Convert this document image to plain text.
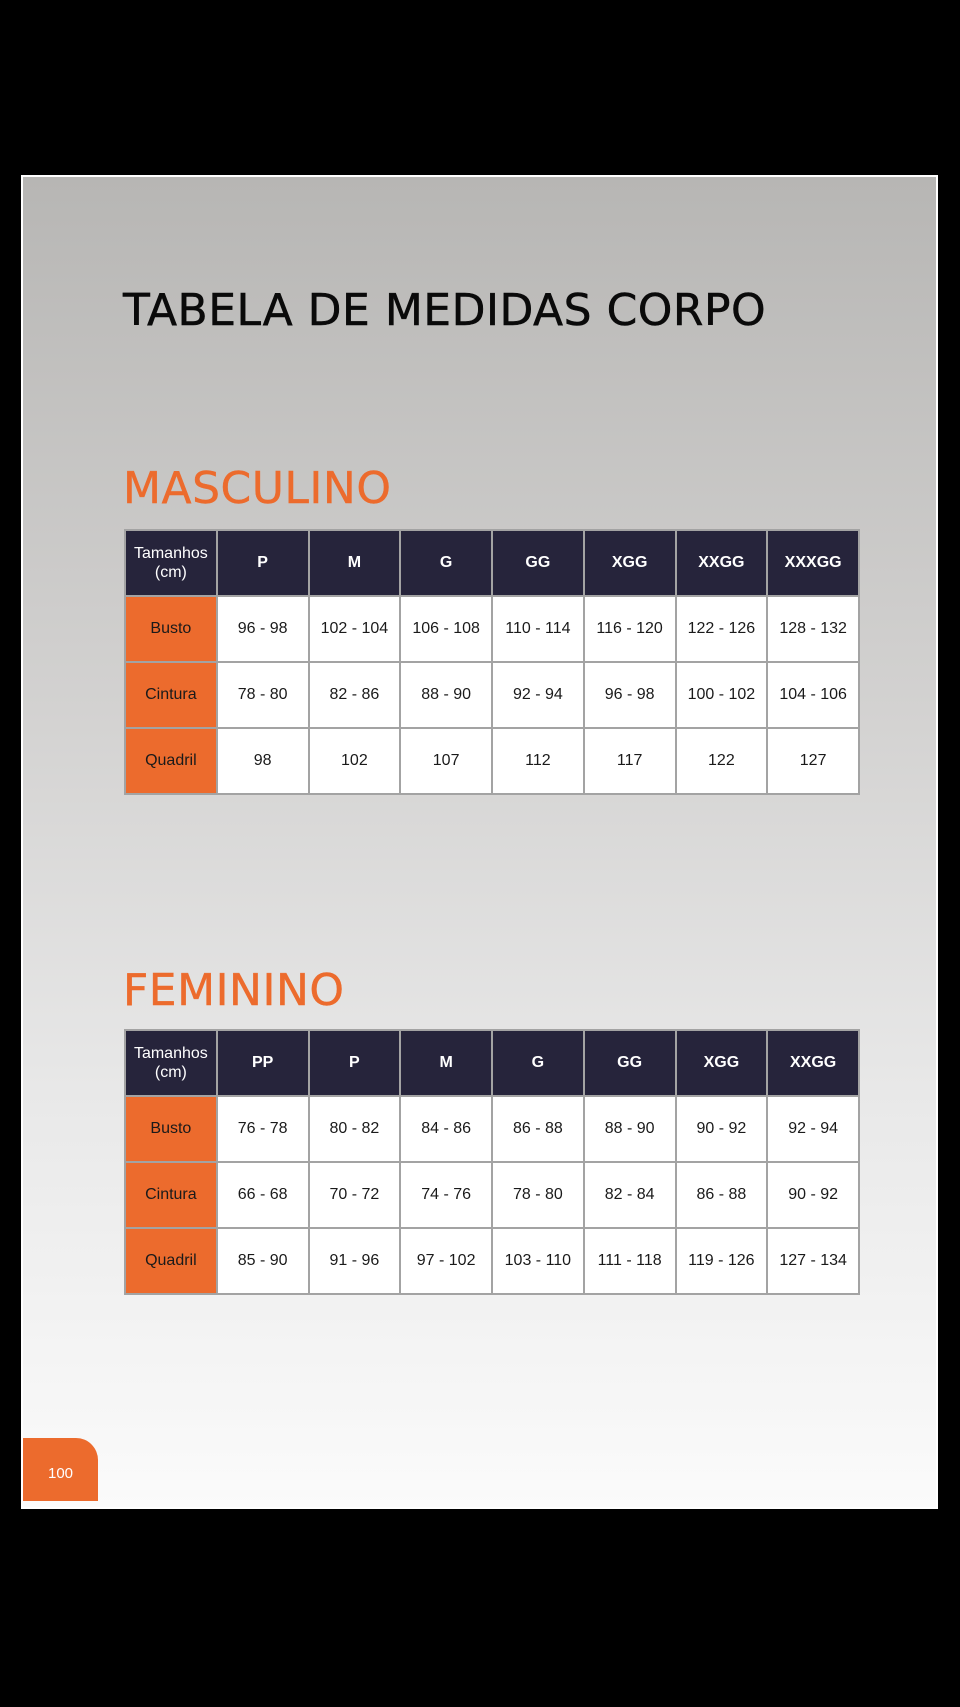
TABELA DE MEDIDAS CORPO
MASCULINO
Tamanhos (cm)	P	M	G	GG	XGG	XXGG	XXXGG
Busto	96 - 98	102 - 104	106 - 108	110 - 114	116 - 120	122 - 126	128 - 132
Cintura	78 - 80	82 - 86	88 - 90	92 - 94	96 - 98	100 - 102	104 - 106
Quadril	98	102	107	112	117	122	127
FEMININO
Tamanhos (cm)	PP	P	M	G	GG	XGG	XXGG
Busto	76 - 78	80 - 82	84 - 86	86 - 88	88 - 90	90 - 92	92 - 94
Cintura	66 - 68	70 - 72	74 - 76	78 - 80	82 - 84	86 - 88	90 - 92
Quadril	85 - 90	91 - 96	97 - 102	103 - 110	111 - 118	119 - 126	127 - 134
100
